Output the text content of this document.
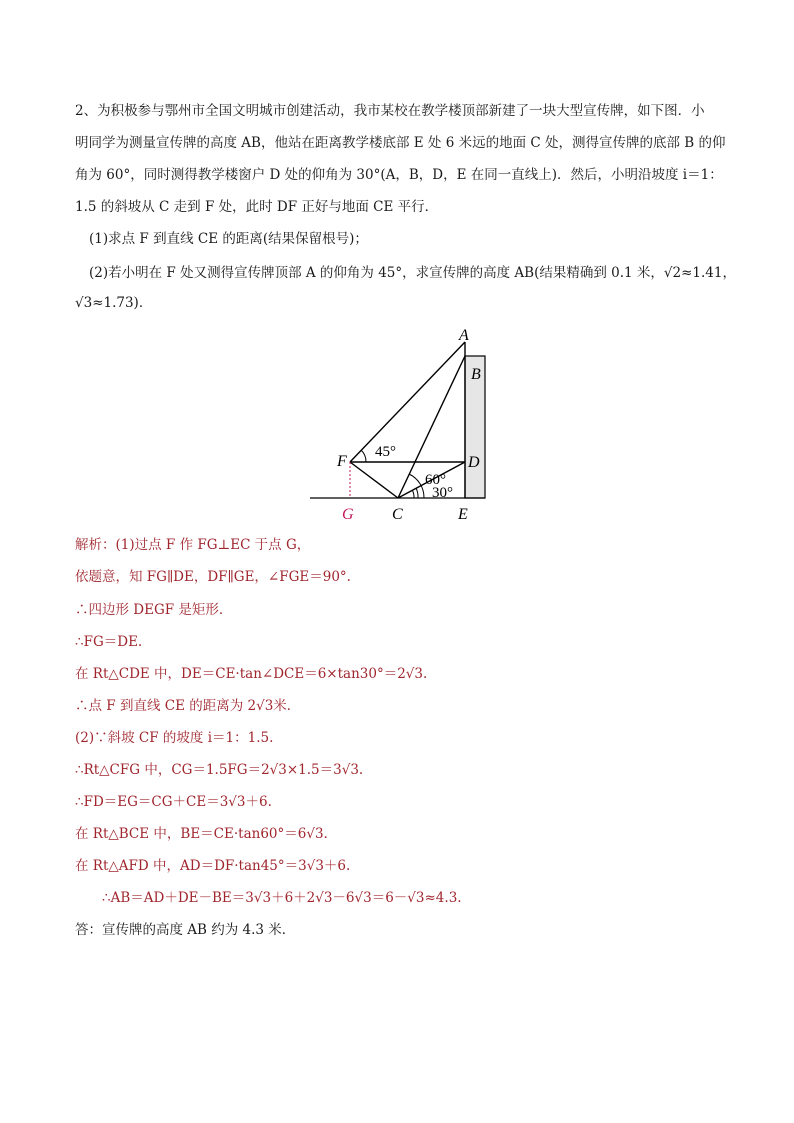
2、为积极参与鄂州市全国文明城市创建活动，我市某校在教学楼顶部新建了一块大型宣传牌，如下图．小
明同学为测量宣传牌的高度 AB，他站在距离教学楼底部 E 处 6 米远的地面 C 处，测得宣传牌的底部 B 的仰
角为 60°，同时测得教学楼窗户 D 处的仰角为 30°(A，B，D，E 在同一直线上)．然后，小明沿坡度 i＝1：
1.5 的斜坡从 C 走到 F 处，此时 DF 正好与地面 CE 平行．
(1)求点 F 到直线 CE 的距离(结果保留根号)；
(2)若小明在 F 处又测得宣传牌顶部 A 的仰角为 45°，求宣传牌的高度 AB(结果精确到 0.1 米，√2≈1.41，
√3≈1.73)．
A
B
D
F
G C	E
45°
60°
30°
解析：(1)过点 F 作 FG⊥EC 于点 G，
依题意，知 FG∥DE，DF∥GE，∠FGE＝90°.
∴四边形 DEGF 是矩形．
∴FG＝DE.
在 Rt△CDE 中，DE＝CE·tan∠DCE＝6×tan30°＝2√3.
∴点 F 到直线 CE 的距离为 2√3米．
(2)∵斜坡 CF 的坡度 i＝1：1.5.
∴Rt△CFG 中，CG＝1.5FG＝2√3×1.5＝3√3.
∴FD＝EG＝CG＋CE＝3√3＋6.
在 Rt△BCE 中，BE＝CE·tan60°＝6√3.
在 Rt△AFD 中，AD＝DF·tan45°＝3√3＋6.
∴AB＝AD＋DE－BE＝3√3＋6＋2√3－6√3＝6－√3≈4.3.
答：宣传牌的高度 AB 约为 4.3 米．
